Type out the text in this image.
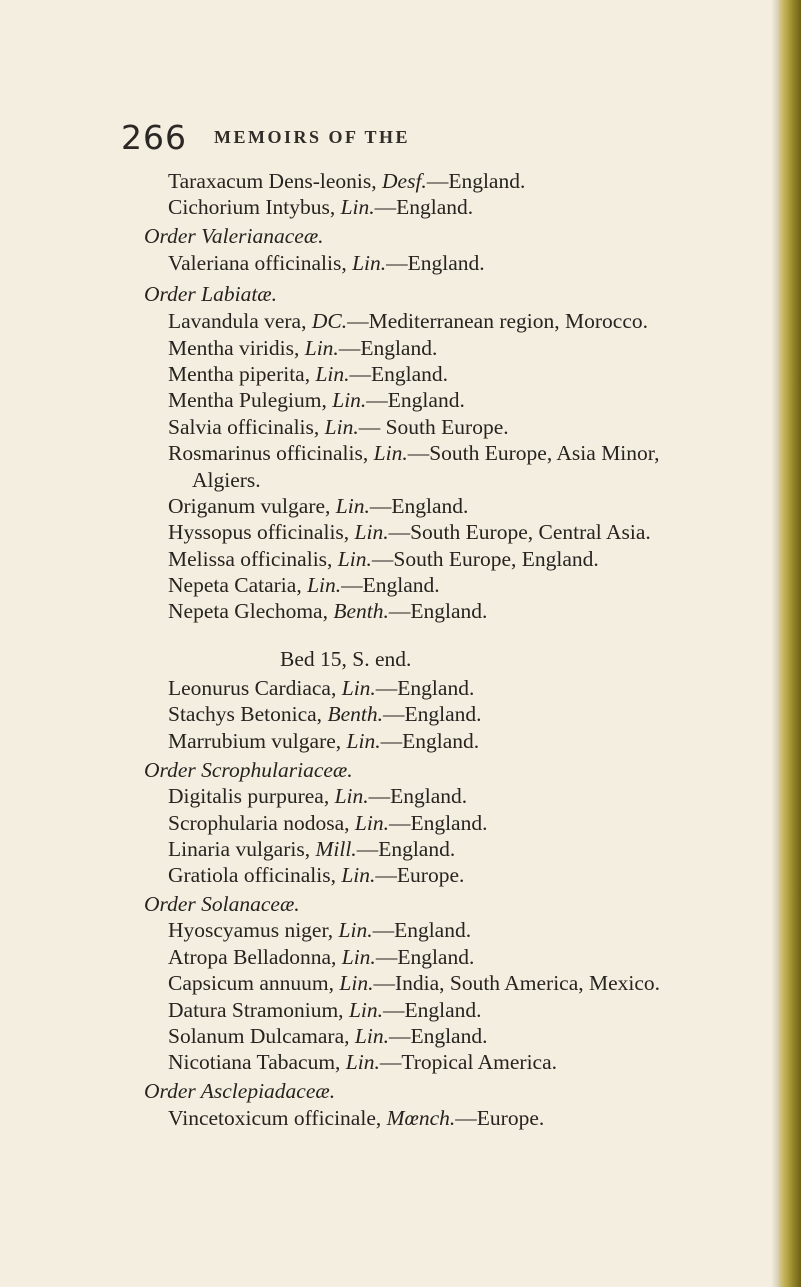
266 MEMOIRS OF THE
Taraxacum Dens-leonis, Desf.—England.
Cichorium Intybus, Lin.—England.
Order Valerianaceæ.
Valeriana officinalis, Lin.—England.
Order Labiatæ.
Lavandula vera, DC.—Mediterranean region, Morocco.
Mentha viridis, Lin.—England.
Mentha piperita, Lin.—England.
Mentha Pulegium, Lin.—England.
Salvia officinalis, Lin.— South Europe.
Rosmarinus officinalis, Lin.—South Europe, Asia Minor,
Algiers.
Origanum vulgare, Lin.—England.
Hyssopus officinalis, Lin.—South Europe, Central Asia.
Melissa officinalis, Lin.—South Europe, England.
Nepeta Cataria, Lin.—England.
Nepeta Glechoma, Benth.—England.
Bed 15, S. end.
Leonurus Cardiaca, Lin.—England.
Stachys Betonica, Benth.—England.
Marrubium vulgare, Lin.—England.
Order Scrophulariaceæ.
Digitalis purpurea, Lin.—England.
Scrophularia nodosa, Lin.—England.
Linaria vulgaris, Mill.—England.
Gratiola officinalis, Lin.—Europe.
Order Solanaceæ.
Hyoscyamus niger, Lin.—England.
Atropa Belladonna, Lin.—England.
Capsicum annuum, Lin.—India, South America, Mexico.
Datura Stramonium, Lin.—England.
Solanum Dulcamara, Lin.—England.
Nicotiana Tabacum, Lin.—Tropical America.
Order Asclepiadaceæ.
Vincetoxicum officinale, Mœnch.—Europe.
